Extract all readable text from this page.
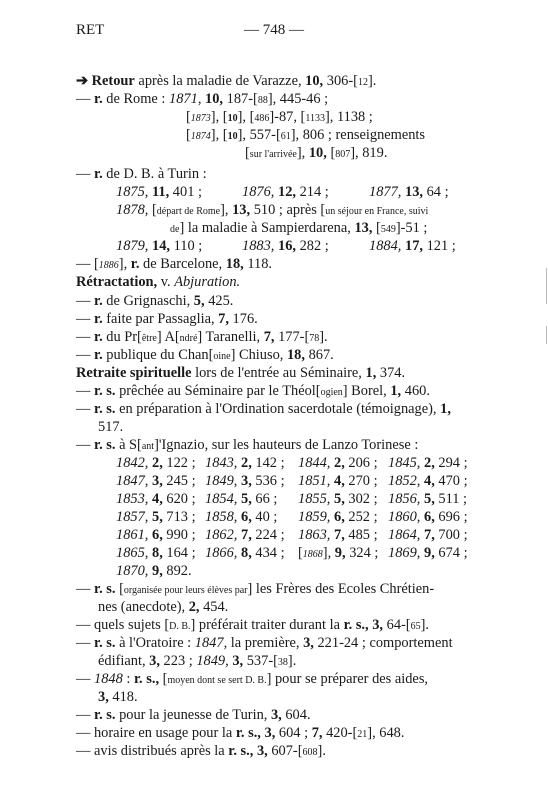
RET	— 748 —
➔ Retour après la maladie de Varazze, 10, 306-[12].
— r. de Rome : 1871, 10, 187-[88], 445-46 ;
[1873], [10], [486]-87, [1133], 1138 ;
[1874], [10], 557-[61], 806 ; renseignements
[sur l'arrivée], 10, [807], 819.
— r. de D. B. à Turin :
1875, 11, 401 ;	1876, 12, 214 ;	1877, 13, 64 ;
1878, [départ de Rome], 13, 510 ; après [un séjour en France, suivi
de] la maladie à Sampierdarena, 13, [549]-51 ;
1879, 14, 110 ;	1883, 16, 282 ;	1884, 17, 121 ;
— [1886], r. de Barcelone, 18, 118.
Rétractation, v. Abjuration.
— r. de Grignaschi, 5, 425.
— r. faite par Passaglia, 7, 176.
— r. du Pr[être] A[ndré] Taranelli, 7, 177-[78].
— r. publique du Chan[oine] Chiuso, 18, 867.
Retraite spirituelle lors de l'entrée au Séminaire, 1, 374.
— r. s. prêchée au Séminaire par le Théol[ogien] Borel, 1, 460.
— r. s. en préparation à l'Ordination sacerdotale (témoignage), 1,
517.
— r. s. à S[ant]'Ignazio, sur les hauteurs de Lanzo Torinese :
1842, 2, 122 ; 1843, 2, 142 ; 1844, 2, 206 ; 1845, 2, 294 ;
1847, 3, 245 ; 1849, 3, 536 ; 1851, 4, 270 ; 1852, 4, 470 ;
1853, 4, 620 ; 1854, 5, 66 ; 1855, 5, 302 ; 1856, 5, 511 ;
1857, 5, 713 ; 1858, 6, 40 ; 1859, 6, 252 ; 1860, 6, 696 ;
1861, 6, 990 ; 1862, 7, 224 ; 1863, 7, 485 ; 1864, 7, 700 ;
1865, 8, 164 ; 1866, 8, 434 ; [1868], 9, 324 ; 1869, 9, 674 ;
1870, 9, 892.
— r. s. [organisée pour leurs élèves par] les Frères des Ecoles Chrétien-
nes (anecdote), 2, 454.
— quels sujets [D. B.] préférait traiter durant la r. s., 3, 64-[65].
— r. s. à l'Oratoire : 1847, la première, 3, 221-24 ; comportement
édifiant, 3, 223 ; 1849, 3, 537-[38].
— 1848 : r. s., [moyen dont se sert D. B.] pour se préparer des aides,
3, 418.
— r. s. pour la jeunesse de Turin, 3, 604.
— horaire en usage pour la r. s., 3, 604 ; 7, 420-[21], 648.
— avis distribués après la r. s., 3, 607-[608].
